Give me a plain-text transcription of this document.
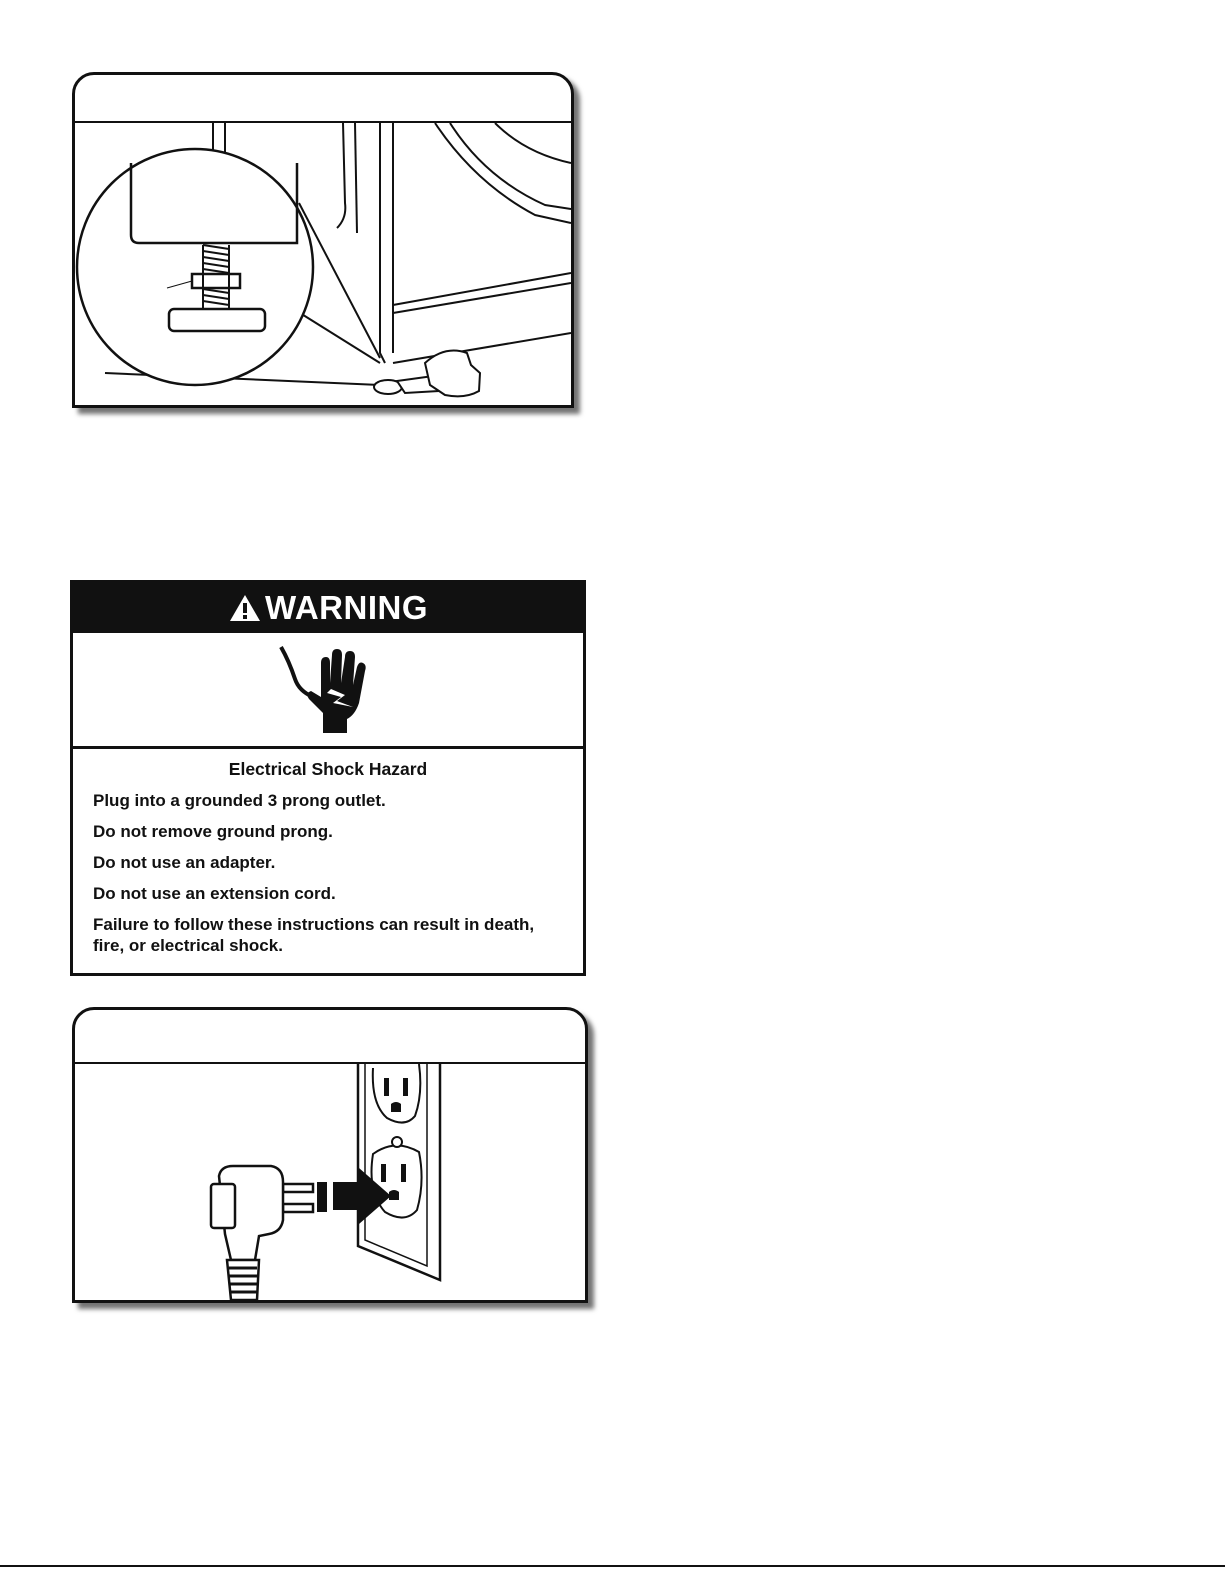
WARNING
Electrical Shock Hazard
Plug into a grounded 3 prong outlet.
Do not remove ground prong.
Do not use an adapter.
Do not use an extension cord.
Failure to follow these instructions can result in death, fire, or electrical shock.
